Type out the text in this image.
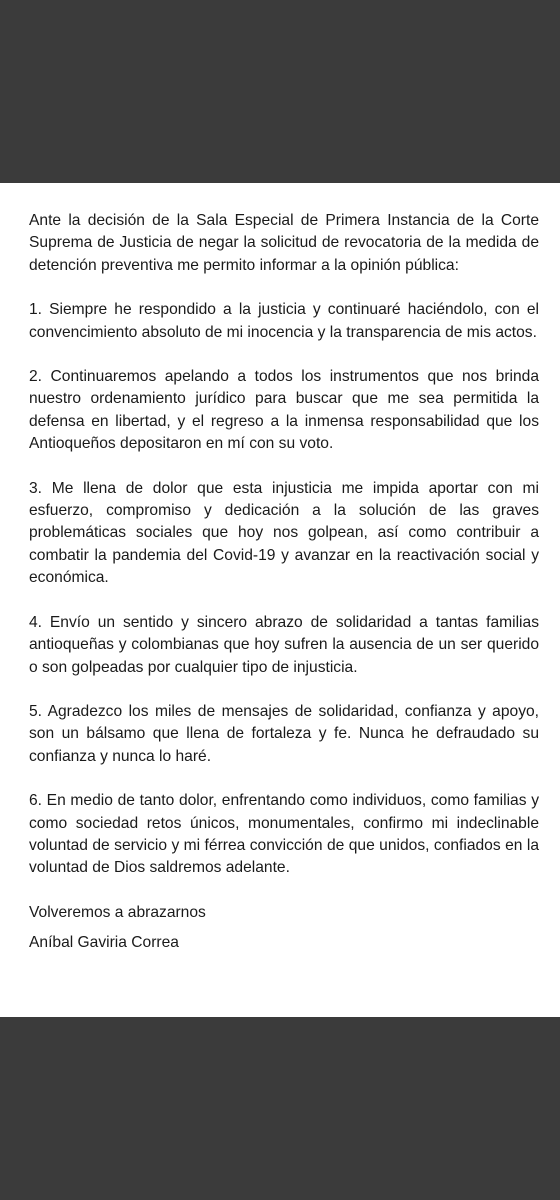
Ante la decisión de la Sala Especial de Primera Instancia de la Corte Suprema de Justicia de negar la solicitud de revocatoria de la medida de detención preventiva me permito informar a la opinión pública:

1. Siempre he respondido a la justicia y continuaré haciéndolo, con el convencimiento absoluto de mi inocencia y la transparencia de mis actos.

2. Continuaremos apelando a todos los instrumentos que nos brinda nuestro ordenamiento jurídico para buscar que me sea permitida la defensa en libertad, y el regreso a la inmensa responsabilidad que los Antioqueños depositaron en mí con su voto.

3. Me llena de dolor que esta injusticia me impida aportar con mi esfuerzo, compromiso y dedicación a la solución de las graves problemáticas sociales que hoy nos golpean, así como contribuir a combatir la pandemia del Covid-19 y avanzar en la reactivación social y económica.

4. Envío un sentido y sincero abrazo de solidaridad a tantas familias antioqueñas y colombianas que hoy sufren la ausencia de un ser querido o son golpeadas por cualquier tipo de injusticia.

5. Agradezco los miles de mensajes de solidaridad, confianza y apoyo, son un bálsamo que llena de fortaleza y fe. Nunca he defraudado su confianza y nunca lo haré.

6. En medio de tanto dolor, enfrentando como individuos, como familias y como sociedad retos únicos, monumentales, confirmo mi indeclinable voluntad de servicio y mi férrea convicción de que unidos, confiados en la voluntad de Dios saldremos adelante.

Volveremos a abrazarnos

Aníbal Gaviria Correa
